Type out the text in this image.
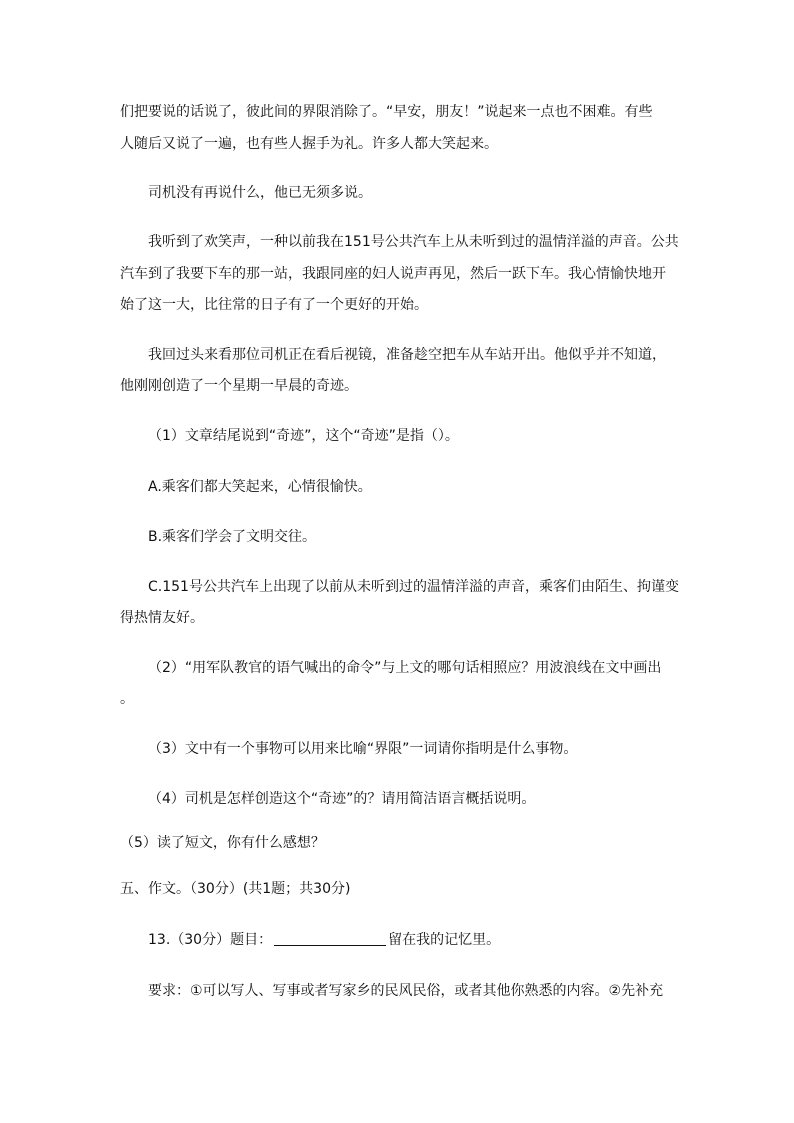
们把要说的话说了，彼此间的界限消除了。“早安，朋友！”说起来一点也不困难。有些
人随后又说了一遍，也有些人握手为礼。许多人都大笑起来。
司机没有再说什么，他已无须多说。
我听到了欢笑声，一种以前我在151号公共汽车上从未听到过的温情洋溢的声音。公共
汽车到了我要下车的那一站，我跟同座的妇人说声再见，然后一跃下车。我心情愉快地开
始了这一大，比往常的日子有了一个更好的开始。
我回过头来看那位司机正在看后视镜，准备趁空把车从车站开出。他似乎并不知道，
他刚刚创造了一个星期一早晨的奇迹。
（1）文章结尾说到“奇迹”，这个“奇迹”是指（）。
A.乘客们都大笑起来，心情很愉快。
B.乘客们学会了文明交往。
C.151号公共汽车上出现了以前从未听到过的温情洋溢的声音，乘客们由陌生、拘谨变
得热情友好。
（2）“用军队教官的语气喊出的命令”与上文的哪句话相照应？用波浪线在文中画出
。
（3）文中有一个事物可以用来比喻“界限”一词请你指明是什么事物。
（4）司机是怎样创造这个“奇迹”的？请用简洁语言概括说明。
（5）读了短文，你有什么感想？
五、作文。（30分）(共1题；共30分)
13.（30分）题目：	留在我的记忆里。
要求：①可以写人、写事或者写家乡的民风民俗，或者其他你熟悉的内容。②先补充
